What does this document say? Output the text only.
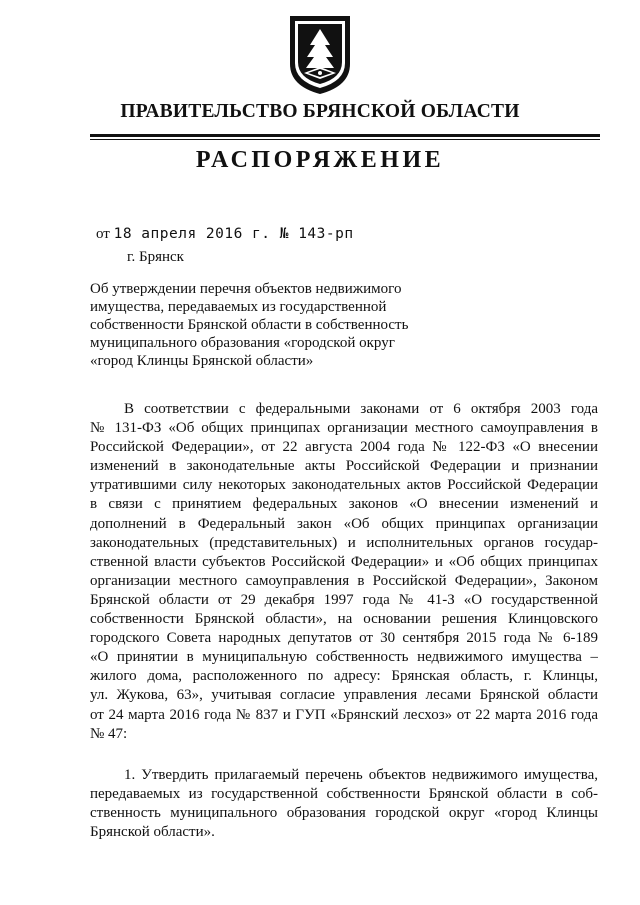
ПРАВИТЕЛЬСТВО БРЯНСКОЙ ОБЛАСТИ
РАСПОРЯЖЕНИЕ
от 18 апреля 2016 г. № 143-рп
г. Брянск
Об утверждении перечня объектов недвижимого
имущества, передаваемых из государственной
собственности Брянской области в собственность
муниципального образования «городской округ
«город Клинцы Брянской области»
В соответствии с федеральными законами от 6 октября 2003 года
№ 131-ФЗ «Об общих принципах организации местного самоуправления в
Российской Федерации», от 22 августа 2004 года № 122-ФЗ «О внесении
изменений в законодательные акты Российской Федерации и признании
утратившими силу некоторых законодательных актов Российской Федерации
в связи с принятием федеральных законов «О внесении изменений и
дополнений в Федеральный закон «Об общих принципах организации
законодательных (представительных) и исполнительных органов государ-
ственной власти субъектов Российской Федерации» и «Об общих принципах
организации местного самоуправления в Российской Федерации», Законом
Брянской области от 29 декабря 1997 года № 41-З «О государственной
собственности Брянской области», на основании решения Клинцовского
городского Совета народных депутатов от 30 сентября 2015 года № 6-189
«О принятии в муниципальную собственность недвижимого имущества –
жилого дома, расположенного по адресу: Брянская область, г. Клинцы,
ул. Жукова, 63», учитывая согласие управления лесами Брянской области
от 24 марта 2016 года № 837 и ГУП «Брянский лесхоз» от 22 марта 2016 года
№ 47:
1. Утвердить прилагаемый перечень объектов недвижимого имущества,
передаваемых из государственной собственности Брянской области в соб-
ственность муниципального образования городской округ «город Клинцы
Брянской области».
